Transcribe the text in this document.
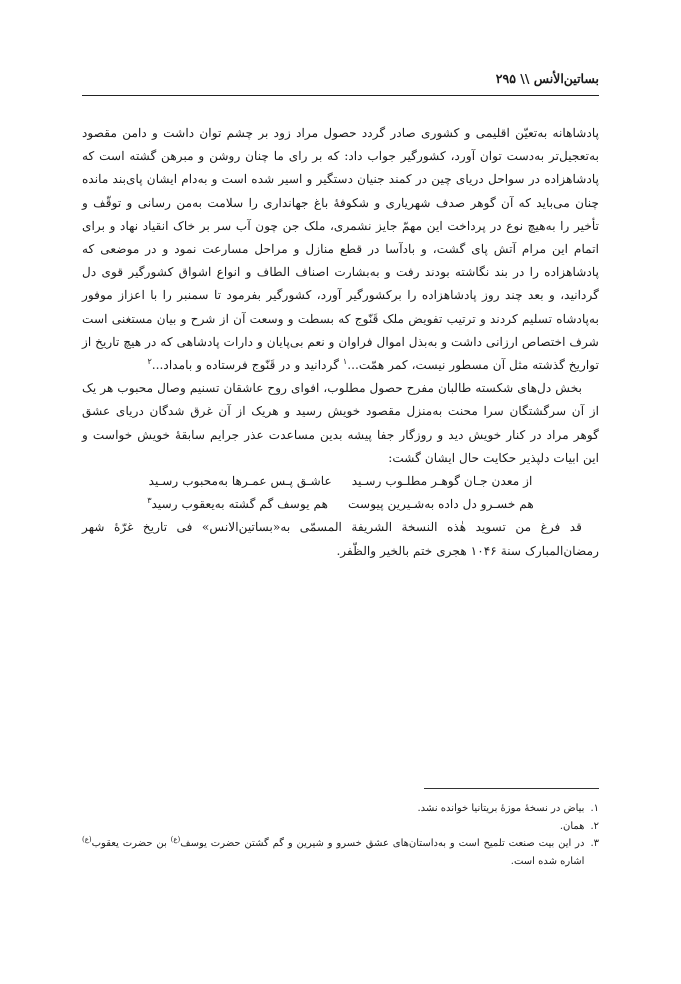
بساتین‌الأنس \\ ۲۹۵

پادشاهانه به‌تعیّن اقلیمی و کشوری صادر گردد حصول مراد زود بر چشم توان داشت و دامن مقصود به‌تعجیل‌تر به‌دست توان آورد، کشورگیر جواب داد: که بر رای ما چنان روشن و مبرهن گشته است که پادشاهزاده در سواحل دریای چین در کمند جنیان دستگیر و اسیر شده است و به‌دام ایشان پای‌بند مانده چنان می‌باید که آن گوهر صدف شهریاری و شکوفهٔ باغ جهانداری را سلامت به‌من رسانی و توقّف و تأخیر را به‌هیچ نوع در پرداخت این مهمّ جایز نشمری، ملک جن چون آب سر بر خاک انقیاد نهاد و برای اتمام این مرام آتش پای گشت، و بادآسا در قطع منازل و مراحل مسارعت نمود و در موضعی که پادشاهزاده را در بند نگاشته بودند رفت و به‌بشارت اصناف الطاف و انواع اشواق کشورگیر قوی دل گردانید، و بعد چند روز پادشاهزاده را برکشورگیر آورد، کشورگیر بفرمود تا سمنبر را با اعزاز موفور به‌پادشاه تسلیم کردند و ترتیب تفویض ملک قَنّوج که بسطت و وسعت آن از شرح و بیان مستغنی است شرف اختصاص ارزانی داشت و به‌بذل اموال فراوان و نعم بی‌پایان و دارات پادشاهی که در هیچ تاریخ از تواریخ گذشته مثل آن مسطور نیست، کمر همّت...$^۱$ گردانید و در قَنّوج فرستاده و بامداد...$^۲$

بخش دل‌های شکسته طالبان مفرح حصول مطلوب، افوای روح عاشقان تسنیم وصال محبوب هر یک از آن سرگشتگان سرا محنت به‌منزل مقصود خویش رسید و هریک از آن غرق شدگان دریای عشق گوهر مراد در کنار خویش دید و روزگار جفا پیشه بدین مساعدت عذر جرایم سابقهٔ خویش خواست و این ابیات دلپذیر حکایت حال ایشان گشت:

از معدن جـان گوهـر مطلـوب رسـید
عاشـق پـس عمـرها به‌محبوب رسـید
هم خسـرو دل داده به‌شـیرین پیوست
هم یوسف گم گشته به‌یعقوب رسید$^۳$

قد فرغ من تسوید هٰذه النسخة الشریفة المسمّی به«بساتین‌الانس» فی تاریخ غرّهٔ شهر رمضان‌المبارک سنة ۱۰۴۶ هجری ختم بالخیر والظّفر.

۱.
بیاض در نسخهٔ موزهٔ بریتانیا خوانده نشد.
۲.
همان.
۳.
در این بیت صنعت تلمیح است و به‌داستان‌های عشق خسرو و شیرین و گم گشتن حضرت یوسف$^{(ع)}$ بن حضرت یعقوب$^{(ع)}$ اشاره شده است.
